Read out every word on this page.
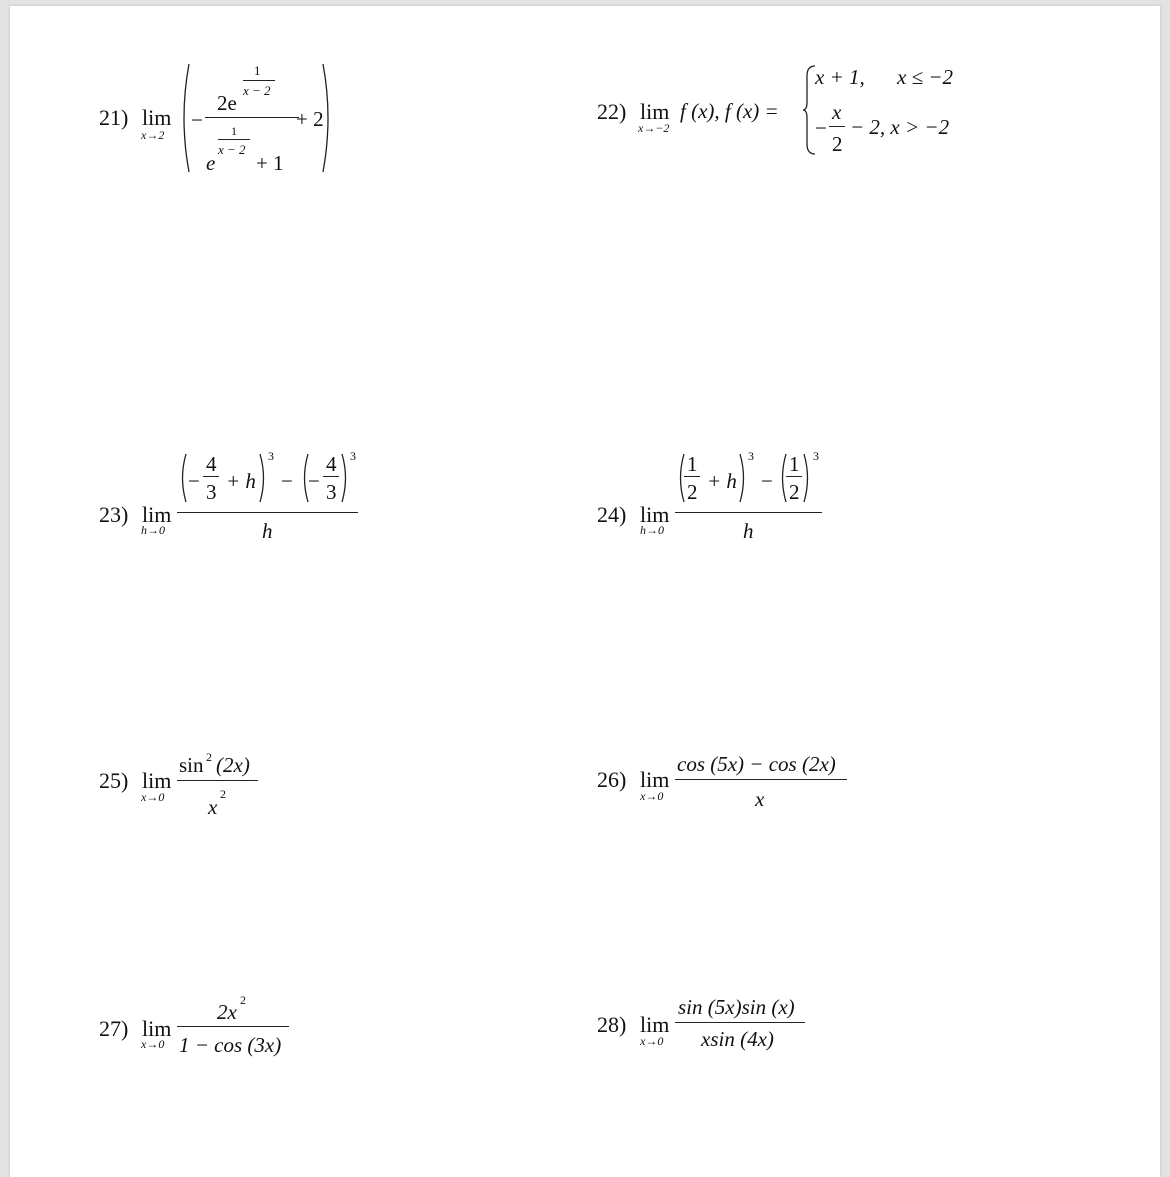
21) lim
x→2
−
2e
1
x − 2
1
x − 2
e + 1
+ 2	22) lim
x→−2
f (x), f (x) =
x + 1, x ≤ −2
−
x
2
− 2, x > −2
23) lim
h→0
−
4
3 + h
3
− −
4
3
3
h
24) lim
h→0
1
2 + h
3
−
1
2
3
h
25) lim
x→0
sin 2 (2x)
x
2
26) lim
x→0
cos (5x) − cos (2x)
x
27) lim
x→0
2x 2
1 − cos (3x)
28) lim
x→0
sin (5x)sin (x)
xsin (4x)
